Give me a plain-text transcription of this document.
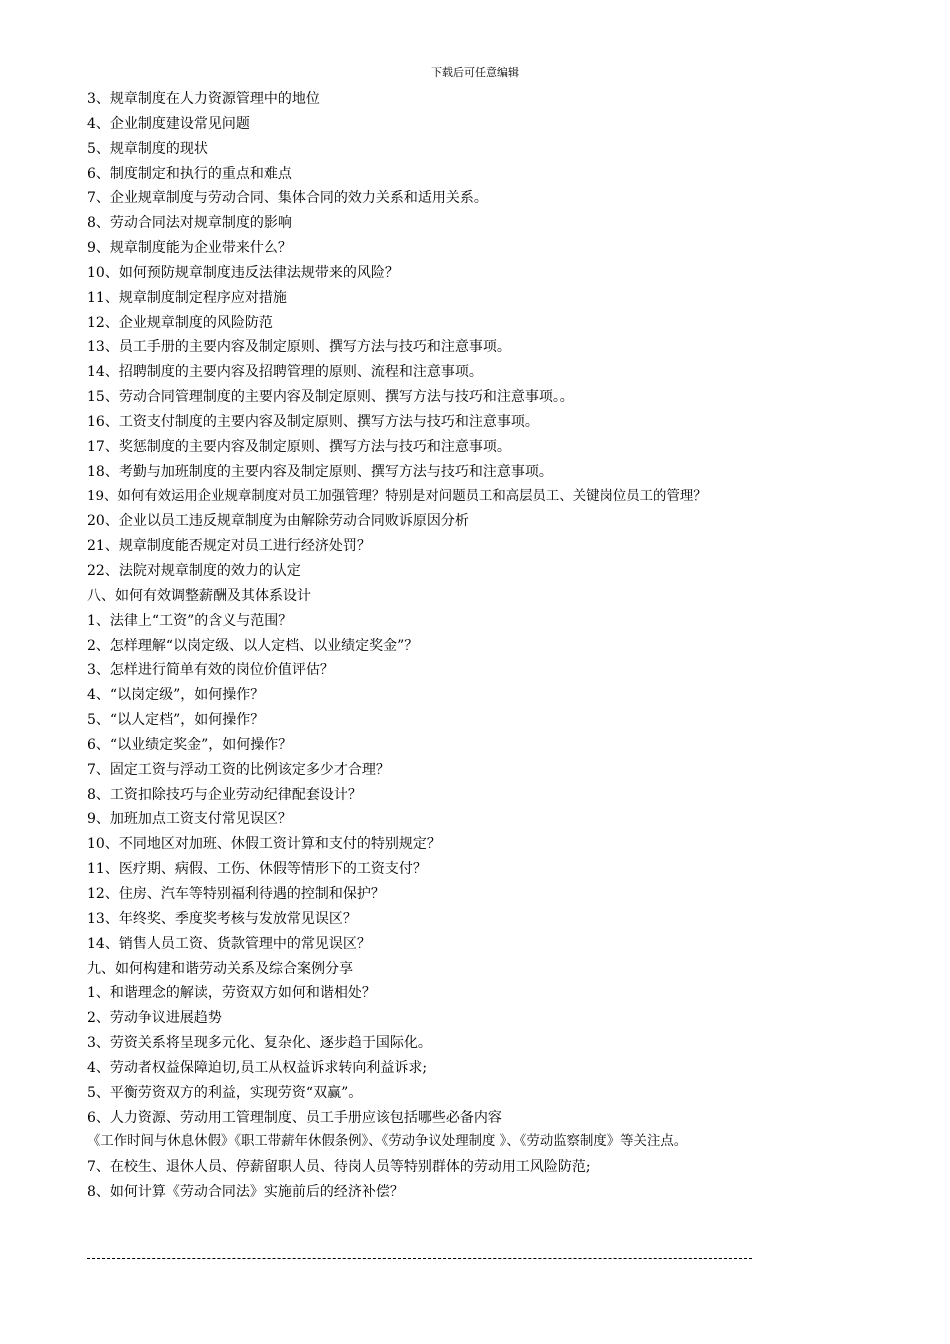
下载后可任意编辑
3、规章制度在人力资源管理中的地位
4、企业制度建设常见问题
5、规章制度的现状
6、制度制定和执行的重点和难点
7、企业规章制度与劳动合同、集体合同的效力关系和适用关系。
8、劳动合同法对规章制度的影响
9、规章制度能为企业带来什么？
10、如何预防规章制度违反法律法规带来的风险？
11、规章制度制定程序应对措施
12、企业规章制度的风险防范
13、员工手册的主要内容及制定原则、撰写方法与技巧和注意事项。
14、招聘制度的主要内容及招聘管理的原则、流程和注意事项。
15、劳动合同管理制度的主要内容及制定原则、撰写方法与技巧和注意事项。。
16、工资支付制度的主要内容及制定原则、撰写方法与技巧和注意事项。
17、奖惩制度的主要内容及制定原则、撰写方法与技巧和注意事项。
18、考勤与加班制度的主要内容及制定原则、撰写方法与技巧和注意事项。
19、如何有效运用企业规章制度对员工加强管理？特别是对问题员工和高层员工、关键岗位员工的管理？
20、企业以员工违反规章制度为由解除劳动合同败诉原因分析
21、规章制度能否规定对员工进行经济处罚？
22、法院对规章制度的效力的认定
八、如何有效调整薪酬及其体系设计
1、法律上“工资”的含义与范围？
2、怎样理解“以岗定级、以人定档、以业绩定奖金”？
3、怎样进行简单有效的岗位价值评估？
4、“以岗定级”，如何操作？
5、“以人定档”，如何操作？
6、“以业绩定奖金”，如何操作？
7、固定工资与浮动工资的比例该定多少才合理？
8、工资扣除技巧与企业劳动纪律配套设计？
9、加班加点工资支付常见误区？
10、不同地区对加班、休假工资计算和支付的特别规定？
11、医疗期、病假、工伤、休假等情形下的工资支付？
12、住房、汽车等特别福利待遇的控制和保护？
13、年终奖、季度奖考核与发放常见误区？
14、销售人员工资、货款管理中的常见误区？
九、如何构建和谐劳动关系及综合案例分享
1、和谐理念的解读，劳资双方如何和谐相处？
2、劳动争议进展趋势
3、劳资关系将呈现多元化、复杂化、逐步趋于国际化。
4、劳动者权益保障迫切,员工从权益诉求转向利益诉求;
5、平衡劳资双方的利益，实现劳资“双赢”。
6、人力资源、劳动用工管理制度、员工手册应该包括哪些必备内容
《工作时间与休息休假》《职工带薪年休假条例》、《劳动争议处理制度 》、《劳动监察制度》等关注点。
7、在校生、退休人员、停薪留职人员、待岗人员等特别群体的劳动用工风险防范;
8、如何计算《劳动合同法》实施前后的经济补偿？
